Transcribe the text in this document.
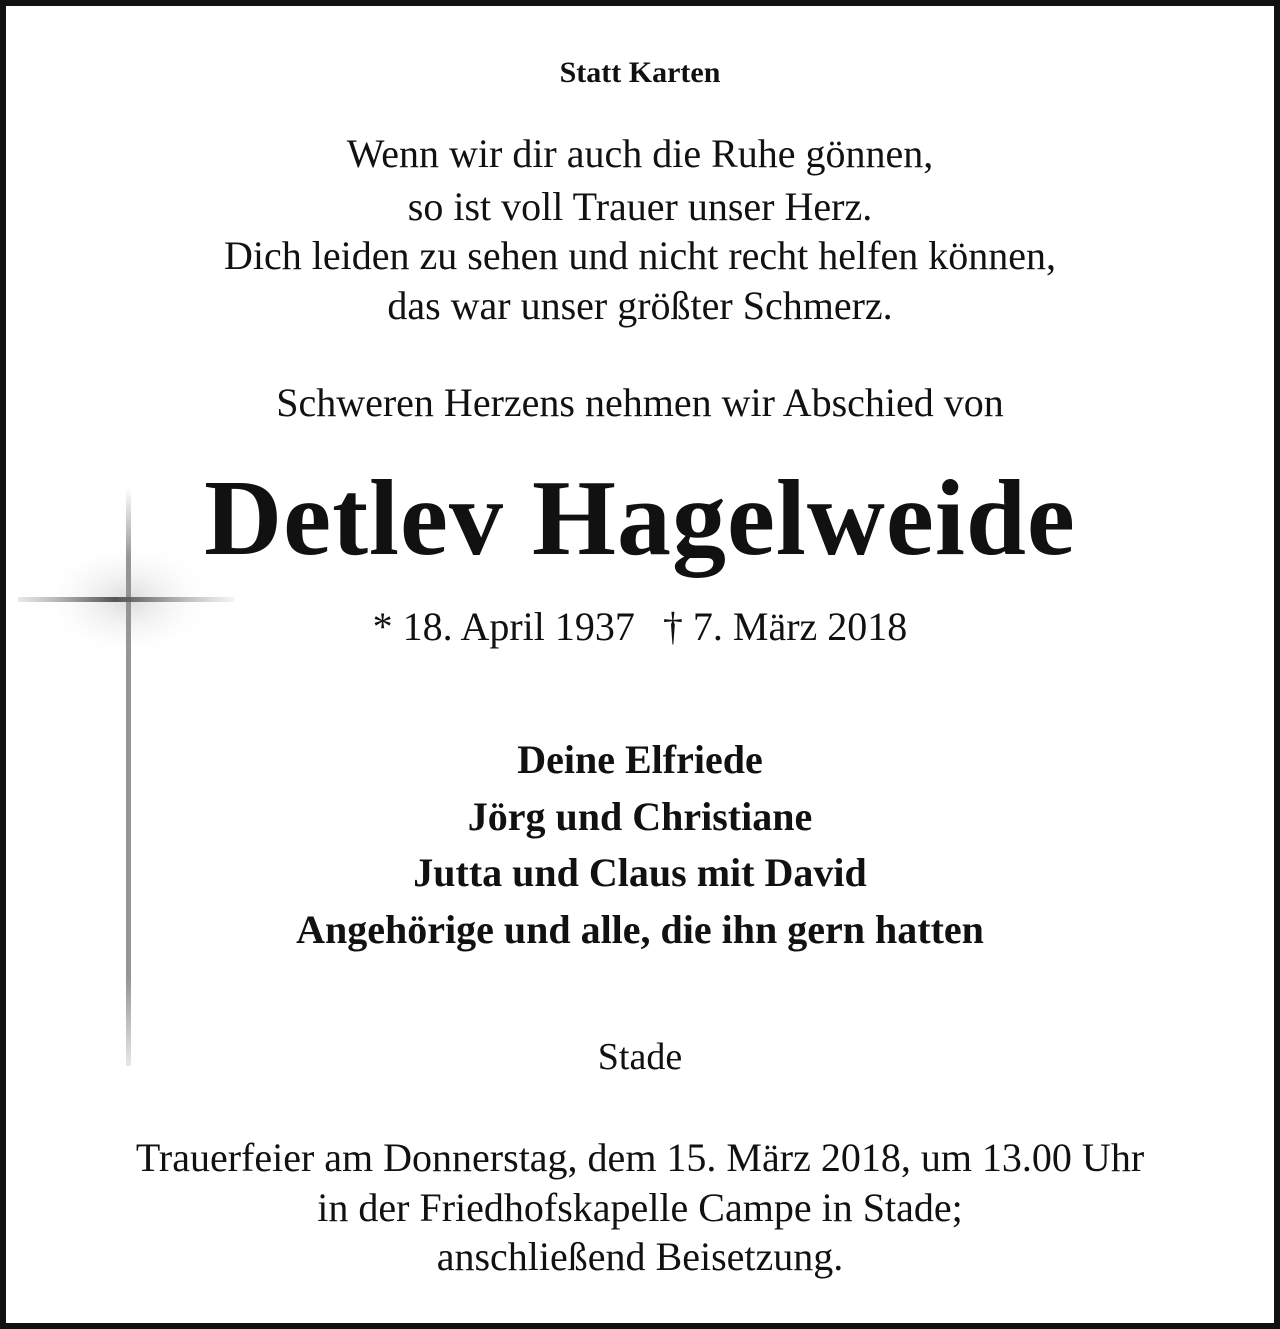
Statt Karten
Wenn wir dir auch die Ruhe gönnen,
so ist voll Trauer unser Herz.
Dich leiden zu sehen und nicht recht helfen können,
das war unser größter Schmerz.
Schweren Herzens nehmen wir Abschied von
Detlev Hagelweide
* 18. April 1937 † 7. März 2018
Deine Elfriede
Jörg und Christiane
Jutta und Claus mit David
Angehörige und alle, die ihn gern hatten
Stade
Trauerfeier am Donnerstag, dem 15. März 2018, um 13.00 Uhr
in der Friedhofskapelle Campe in Stade;
anschließend Beisetzung.
